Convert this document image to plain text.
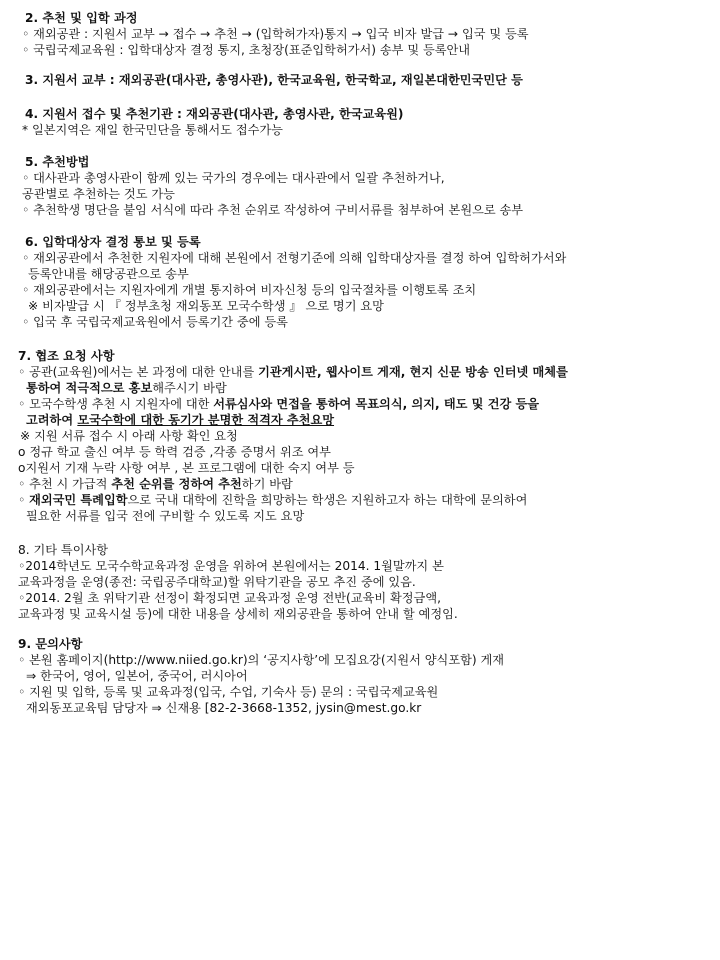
2. 추천 및 입학 과정
◦ 재외공관 : 지원서 교부 → 접수 → 추천 → (입학허가자)통지 → 입국 비자 발급 → 입국 및 등록
◦ 국립국제교육원 : 입학대상자 결정 통지, 초청장(표준입학허가서) 송부 및 등록안내
3. 지원서 교부 : 재외공관(대사관, 총영사관), 한국교육원, 한국학교, 재일본대한민국민단 등
4. 지원서 접수 및 추천기관 : 재외공관(대사관, 총영사관, 한국교육원)
* 일본지역은 재일 한국민단을 통해서도 접수가능
5. 추천방법
◦ 대사관과 총영사관이 함께 있는 국가의 경우에는 대사관에서 일괄 추천하거나,
공관별로 추천하는 것도 가능
◦ 추천학생 명단을 붙임 서식에 따라 추천 순위로 작성하여 구비서류를 첨부하여 본원으로 송부
6. 입학대상자 결정 통보 및 등록
◦ 재외공관에서 추천한 지원자에 대해 본원에서 전형기준에 의해 입학대상자를 결정 하여 입학허가서와
등록안내를 해당공관으로 송부
◦ 재외공관에서는 지원자에게 개별 통지하여 비자신청 등의 입국절차를 이행토록 조치
※ 비자발급 시 『 정부초청 재외동포 모국수학생 』 으로 명기 요망
◦ 입국 후 국립국제교육원에서 등록기간 중에 등록
7. 협조 요청 사항
◦ 공관(교육원)에서는 본 과정에 대한 안내를 기관게시판, 웹사이트 게재, 현지 신문 방송 인터넷 매체를
통하여 적극적으로 홍보해주시기 바람
◦ 모국수학생 추천 시 지원자에 대한 서류심사와 면접을 통하여 목표의식, 의지, 태도 및 건강 등을
고려하여 모국수학에 대한 동기가 분명한 적격자 추천요망
※ 지원 서류 접수 시 아래 사항 확인 요청
o 정규 학교 출신 여부 등 학력 검증 ,각종 증명서 위조 여부
o지원서 기재 누락 사항 여부 , 본 프로그램에 대한 숙지 여부 등
◦ 추천 시 가급적 추천 순위를 정하여 추천하기 바람
◦ 재외국민 특례입학으로 국내 대학에 진학을 희망하는 학생은 지원하고자 하는 대학에 문의하여
필요한 서류를 입국 전에 구비할 수 있도록 지도 요망
8. 기타 특이사항
◦2014학년도 모국수학교육과정 운영을 위하여 본원에서는 2014. 1월말까지 본
교육과정을 운영(종전: 국립공주대학교)할 위탁기관을 공모 추진 중에 있음.
◦2014. 2월 초 위탁기관 선정이 확정되면 교육과정 운영 전반(교육비 확정금액,
교육과정 및 교육시설 등)에 대한 내용을 상세히 재외공관을 통하여 안내 할 예정임.
9. 문의사항
◦ 본원 홈페이지(http://www.niied.go.kr)의 ‘공지사항’에 모집요강(지원서 양식포함) 게재
⇒ 한국어, 영어, 일본어, 중국어, 러시아어
◦ 지원 및 입학, 등록 및 교육과정(입국, 수업, 기숙사 등) 문의 : 국립국제교육원
재외동포교육팀 담당자 ⇒ 신재용 [82-2-3668-1352, jysin@mest.go.kr
